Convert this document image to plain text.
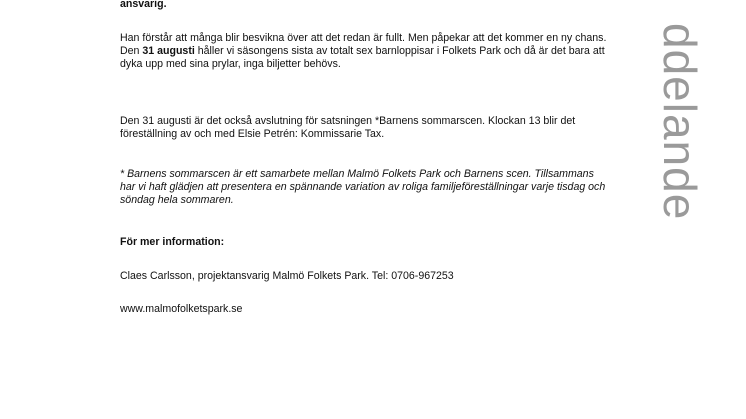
ansvarig.

Han förstår att många blir besvikna över att det redan är fullt. Men påpekar att det kommer en ny chans. Den 31 augusti håller vi säsongens sista av totalt sex barnloppisar i Folkets Park och då är det bara att dyka upp med sina prylar, inga biljetter behövs.

Den 31 augusti är det också avslutning för satsningen *Barnens sommarscen. Klockan 13 blir det föreställning av och med Elsie Petrén: Kommissarie Tax.

* Barnens sommarscen är ett samarbete mellan Malmö Folkets Park och Barnens scen. Tillsammans har vi haft glädjen att presentera en spännande variation av roliga familjeföreställningar varje tisdag och söndag hela sommaren.

För mer information:

Claes Carlsson, projektansvarig Malmö Folkets Park. Tel: 0706-967253

www.malmofolketspark.se

ddelande
